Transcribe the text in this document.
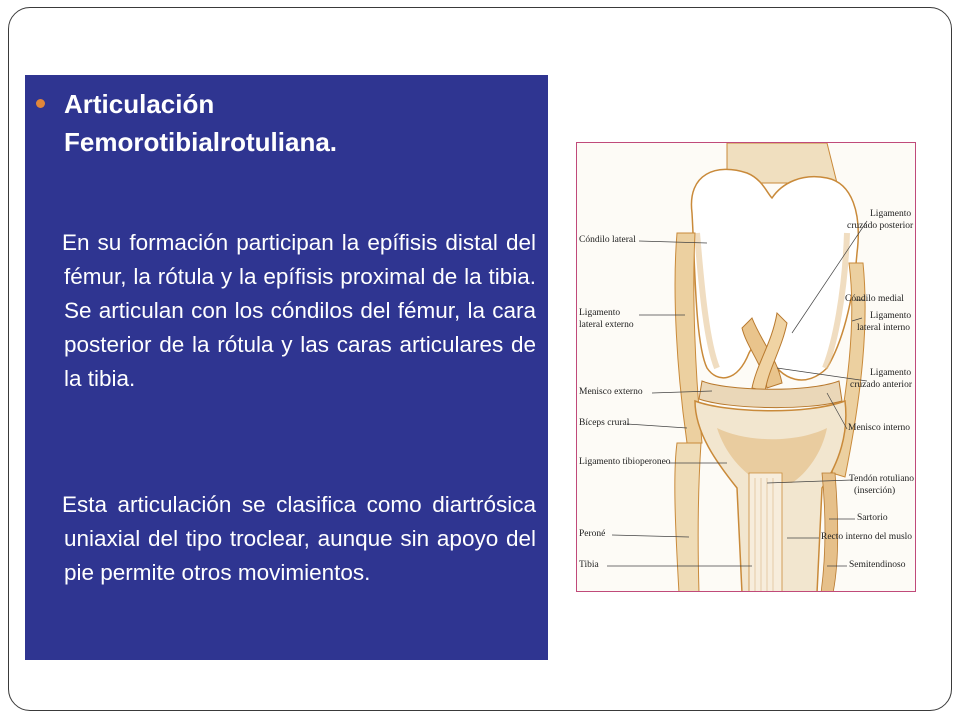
Articulación
Femorotibialrotuliana.

En su formación participan la epífisis distal del fémur, la rótula y la epífisis proximal de la tibia. Se articulan con los cóndilos del fémur, la cara posterior de la rótula y las caras articulares de la tibia.

Esta articulación se clasifica como diartrósica uniaxial del tipo troclear, aunque sin apoyo del pie permite otros movimientos.

Cóndilo lateral
Ligamento
lateral externo
Menisco externo
Bíceps crural
Ligamento tibioperoneo
Peroné
Tibia
Ligamento
cruzado posterior
Cóndilo medial
Ligamento
lateral interno
Ligamento
cruzado anterior
Menisco interno
Tendón rotuliano
(inserción)
Sartorio
Recto interno del muslo
Semitendinoso
